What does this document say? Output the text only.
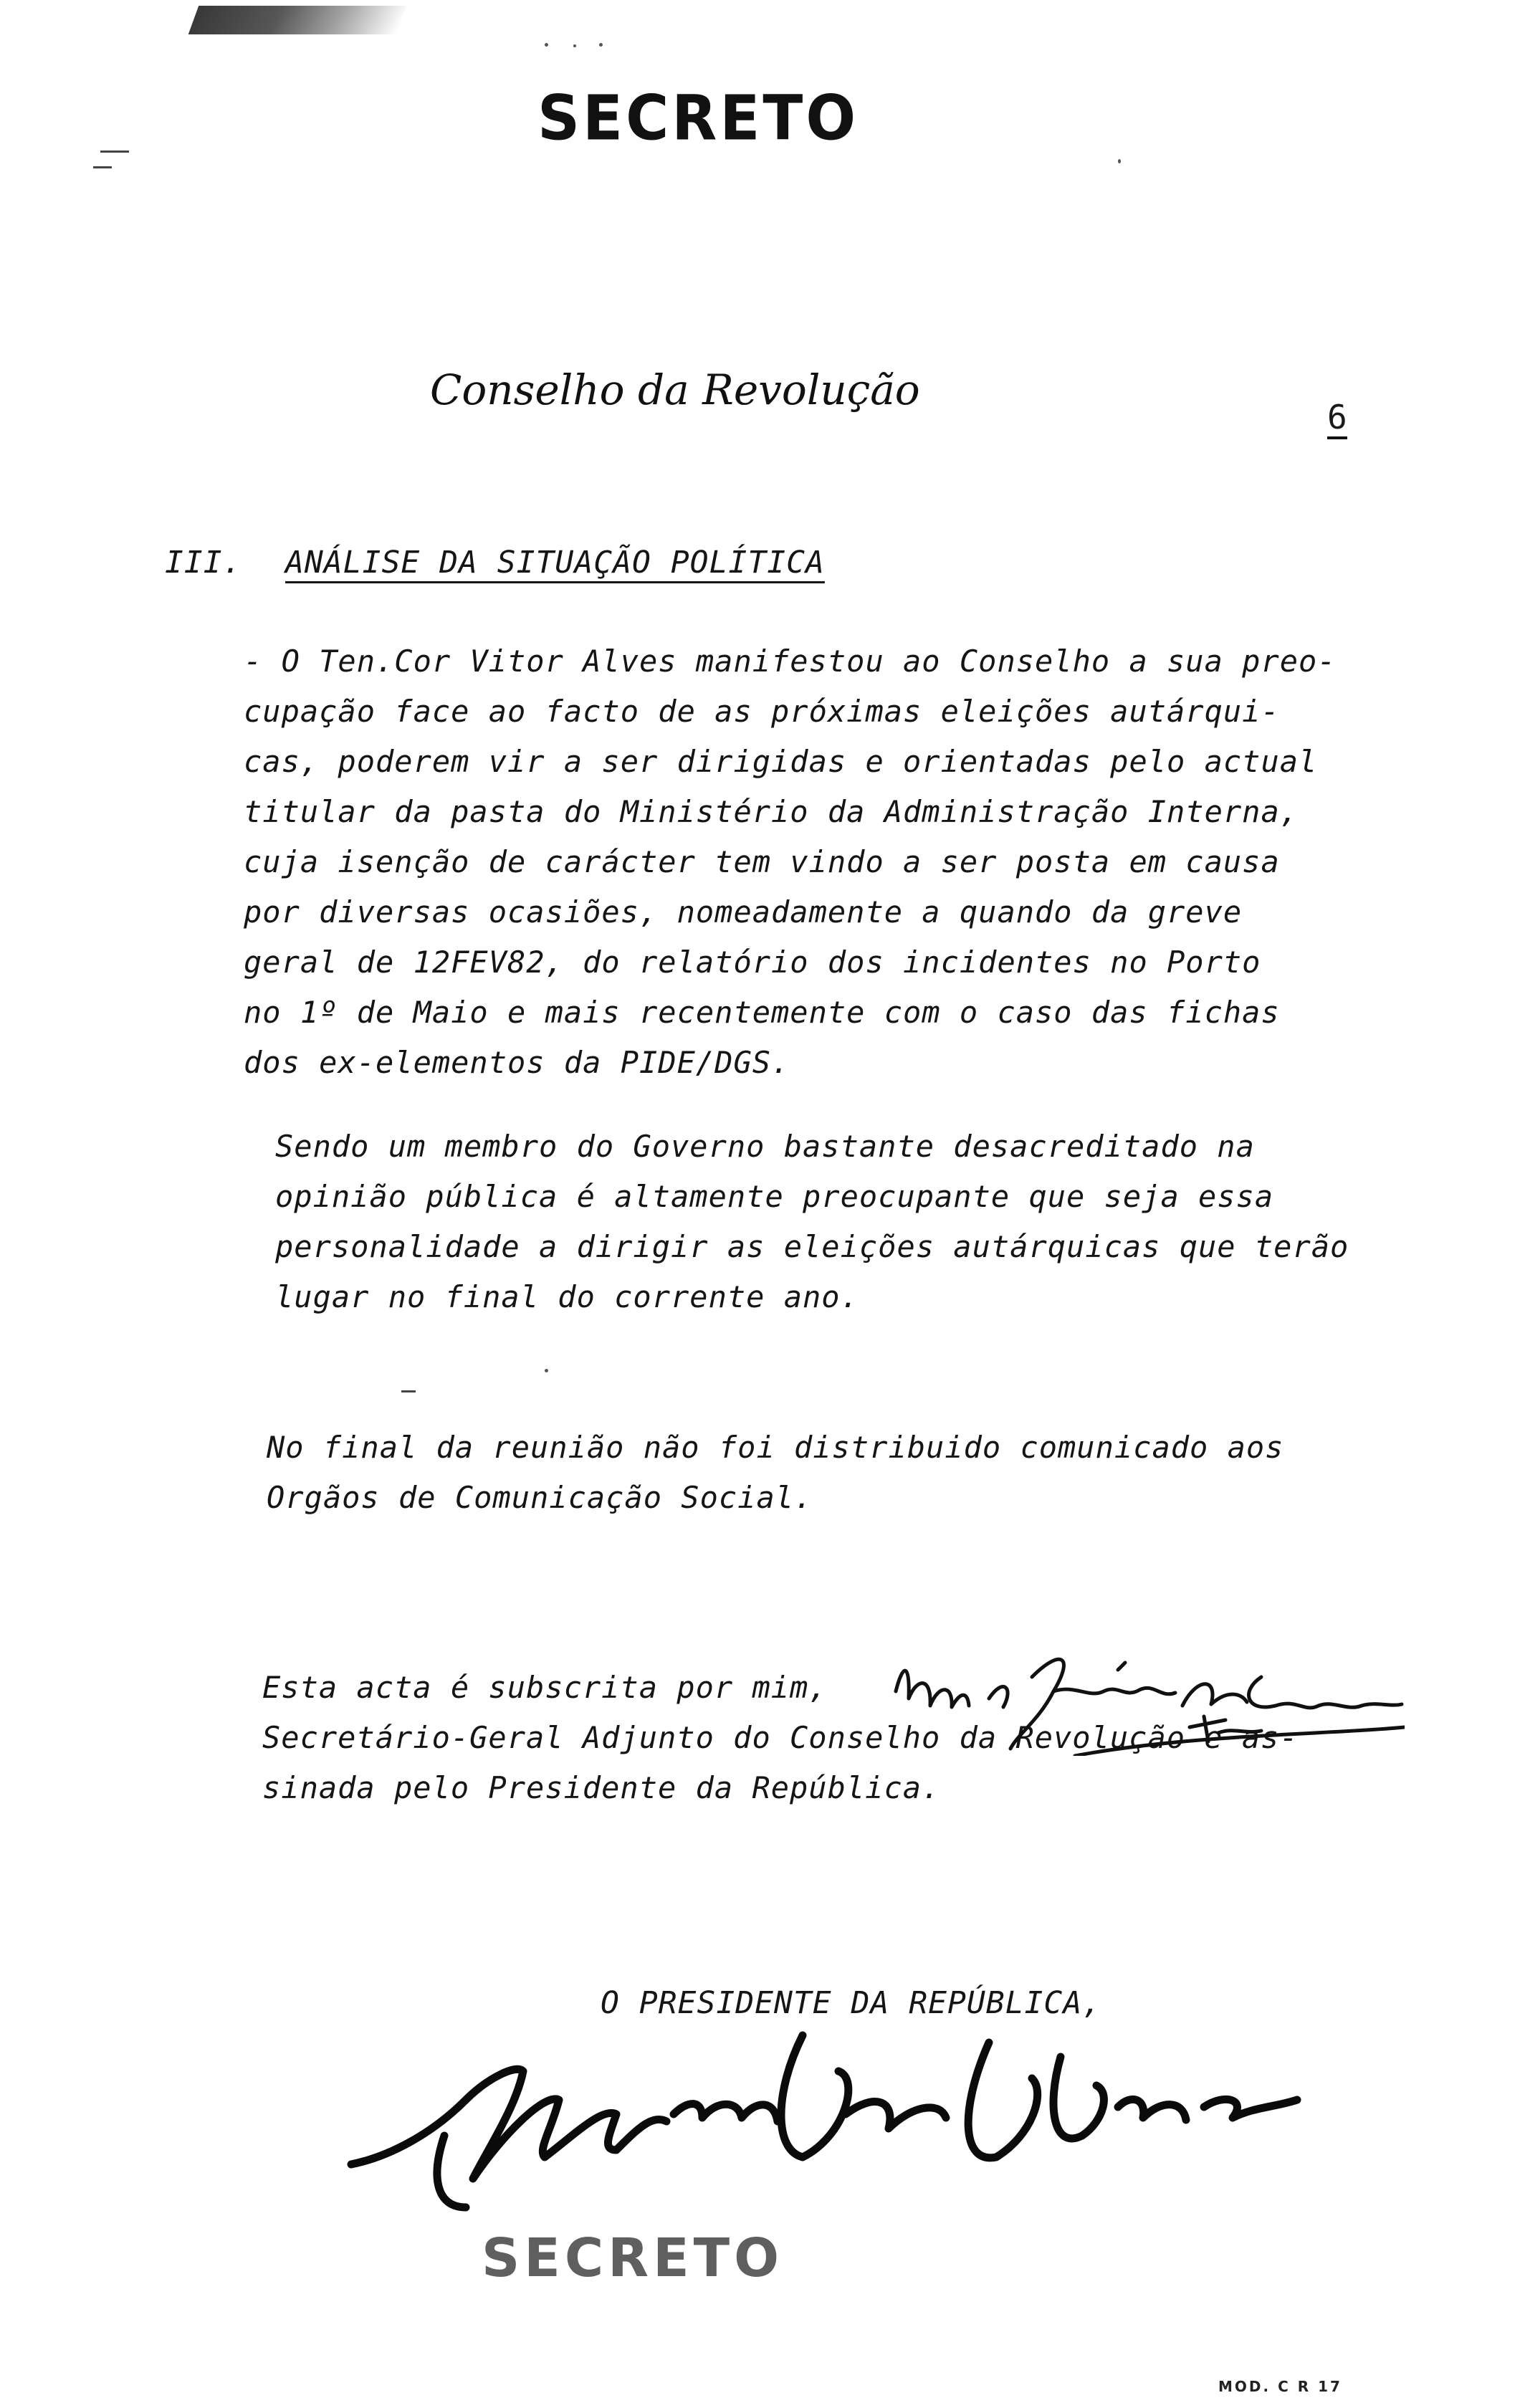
SECRETO
Conselho da Revolução
6
III. ANÁLISE DA SITUAÇÃO POLÍTICA
- O Ten.Cor Vitor Alves manifestou ao Conselho a sua preo-
cupação face ao facto de as próximas eleições autárqui-
cas, poderem vir a ser dirigidas e orientadas pelo actual
titular da pasta do Ministério da Administração Interna,
cuja isenção de carácter tem vindo a ser posta em causa
por diversas ocasiões, nomeadamente a quando da greve
geral de 12FEV82, do relatório dos incidentes no Porto
no 1º de Maio e mais recentemente com o caso das fichas
dos ex-elementos da PIDE/DGS.
Sendo um membro do Governo bastante desacreditado na
opinião pública é altamente preocupante que seja essa
personalidade a dirigir as eleições autárquicas que terão
lugar no final do corrente ano.
No final da reunião não foi distribuido comunicado aos
Orgãos de Comunicação Social.
Esta acta é subscrita por mim,
Secretário-Geral Adjunto do Conselho da Revolução e as-
sinada pelo Presidente da República.
O PRESIDENTE DA REPÚBLICA,
SECRETO
MOD. C R 17
